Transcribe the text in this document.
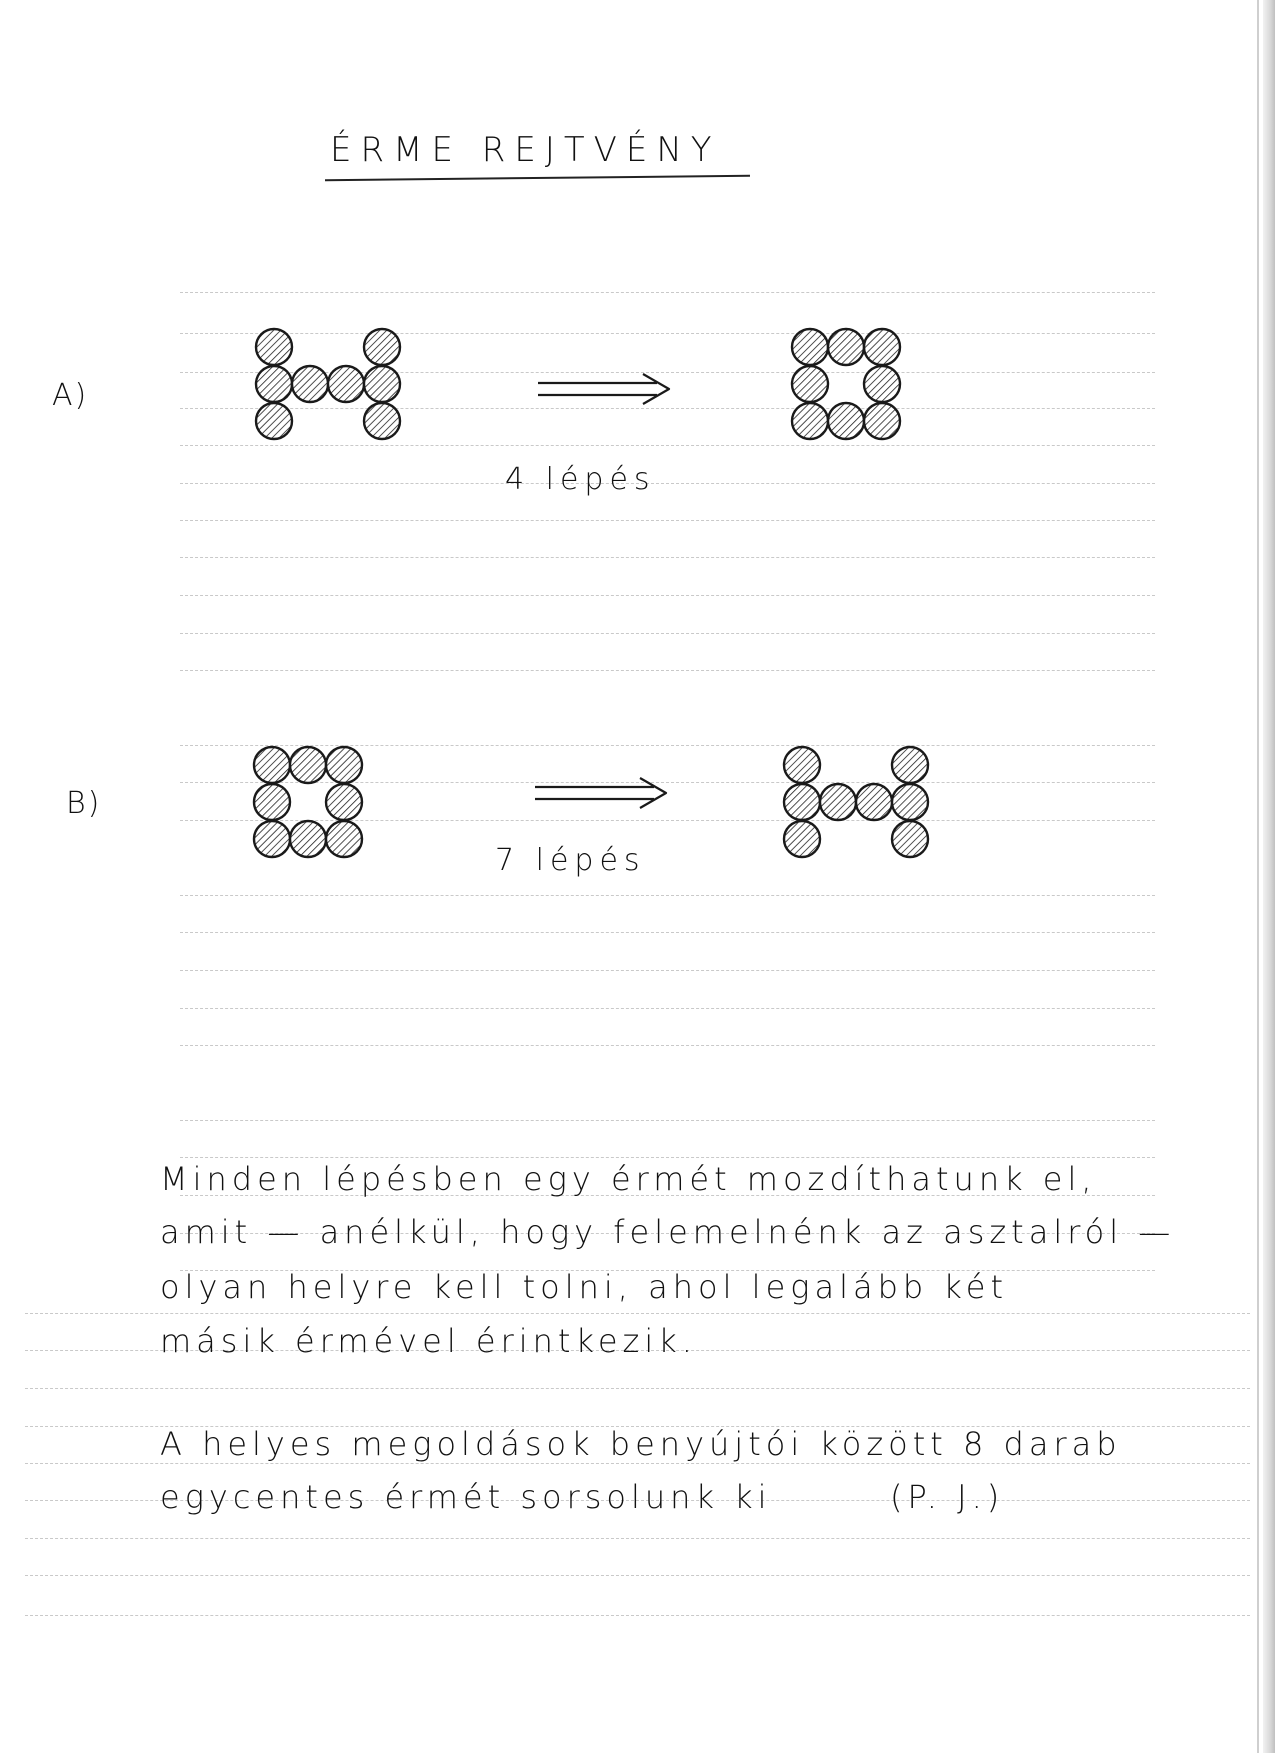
ÉRME REJTVÉNY
A)
4 lépés
B)
7 lépés
Minden lépésben egy érmét mozdíthatunk el,
amit — anélkül, hogy felemelnénk az asztalról —
olyan helyre kell tolni, ahol legalább két
másik érmével érintkezik.
A helyes megoldások benyújtói között 8 darab
egycentes érmét sorsolunk ki	(P. J.)
